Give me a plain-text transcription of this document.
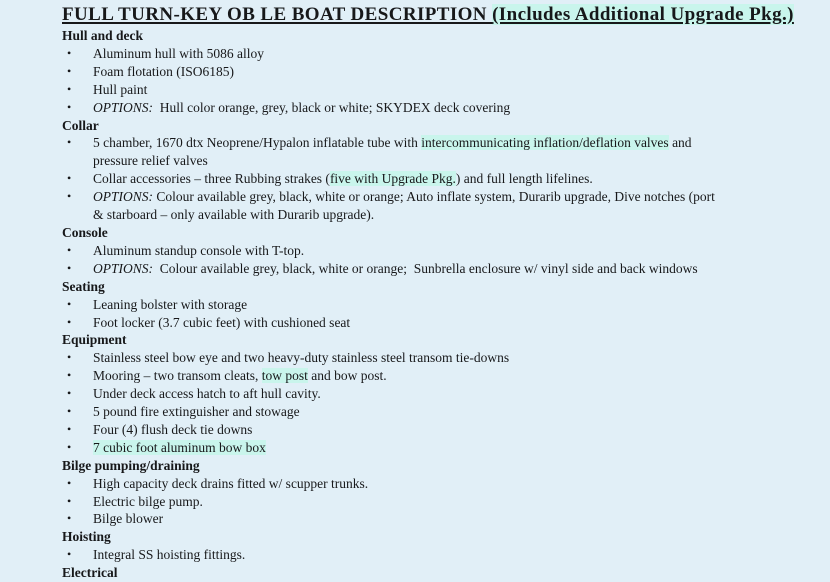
FULL TURN-KEY OB LE BOAT DESCRIPTION (Includes Additional Upgrade Pkg.)
Hull and deck
•	Aluminum hull with 5086 alloy
•	Foam flotation (ISO6185)
•	Hull paint
•	OPTIONS:  Hull color orange, grey, black or white; SKYDEX deck covering
Collar
•	5 chamber, 1670 dtx Neoprene/Hypalon inflatable tube with intercommunicating inflation/deflation valves and
pressure relief valves
•	Collar accessories – three Rubbing strakes (five with Upgrade Pkg.) and full length lifelines.
•	OPTIONS: Colour available grey, black, white or orange; Auto inflate system, Durarib upgrade, Dive notches (port
& starboard – only available with Durarib upgrade).
Console
•	Aluminum standup console with T-top.
•	OPTIONS:  Colour available grey, black, white or orange;  Sunbrella enclosure w/ vinyl side and back windows
Seating
•	Leaning bolster with storage
•	Foot locker (3.7 cubic feet) with cushioned seat
Equipment
•	Stainless steel bow eye and two heavy-duty stainless steel transom tie-downs
•	Mooring – two transom cleats, tow post and bow post.
•	Under deck access hatch to aft hull cavity.
•	5 pound fire extinguisher and stowage
•	Four (4) flush deck tie downs
•	7 cubic foot aluminum bow box
Bilge pumping/draining
•	High capacity deck drains fitted w/ scupper trunks.
•	Electric bilge pump.
•	Bilge blower
Hoisting
•	Integral SS hoisting fittings.
Electrical
